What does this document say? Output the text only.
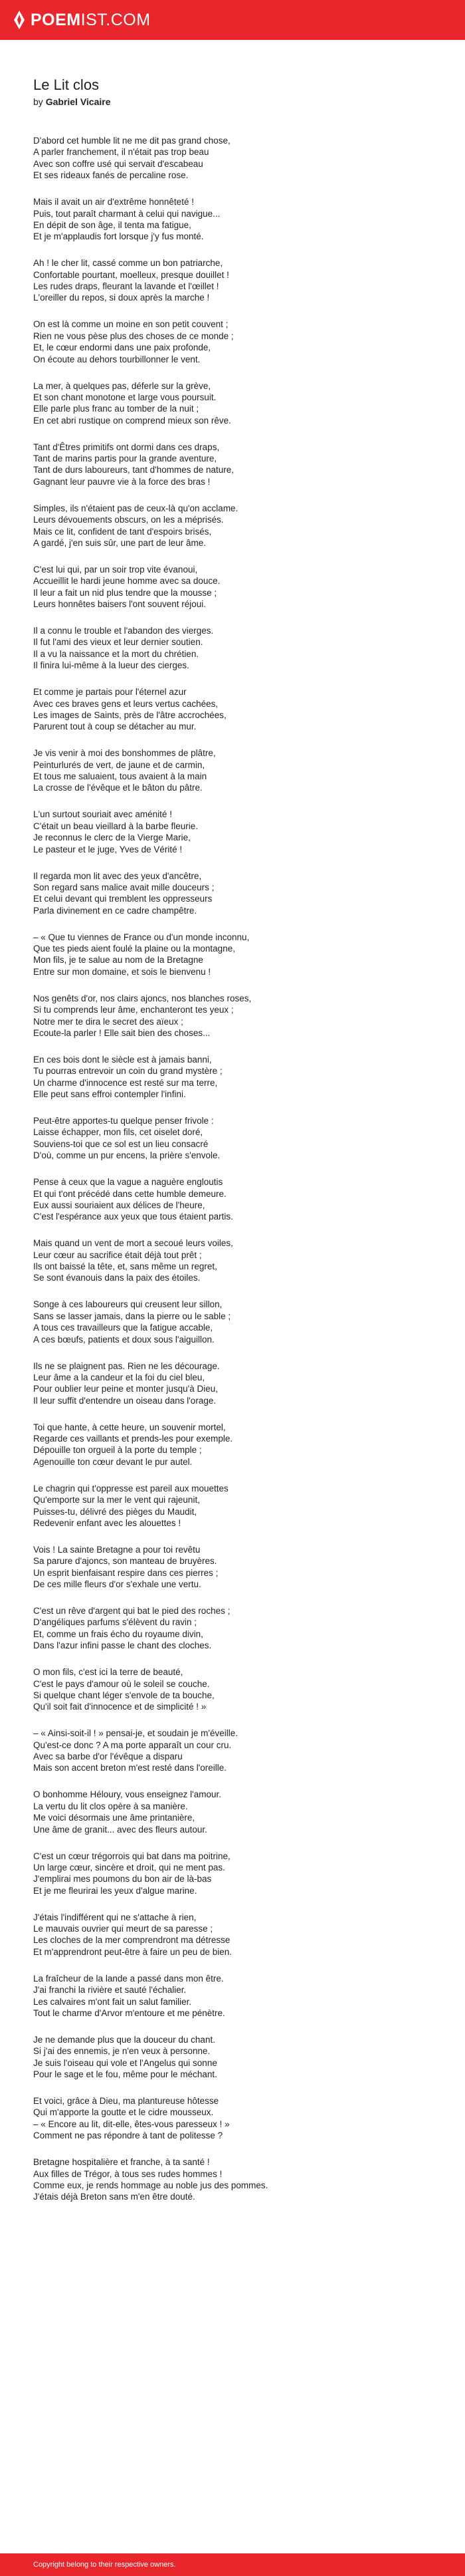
POEMIST.COM
Le Lit clos
by Gabriel Vicaire

D'abord cet humble lit ne me dit pas grand chose,
A parler franchement, il n'était pas trop beau
Avec son coffre usé qui servait d'escabeau
Et ses rideaux fanés de percaline rose.

Mais il avait un air d'extrême honnêteté !
Puis, tout paraît charmant à celui qui navigue...
En dépit de son âge, il tenta ma fatigue,
Et je m'applaudis fort lorsque j'y fus monté.

Ah ! le cher lit, cassé comme un bon patriarche,
Confortable pourtant, moelleux, presque douillet !
Les rudes draps, fleurant la lavande et l'œillet !
L'oreiller du repos, si doux après la marche !

On est là comme un moine en son petit couvent ;
Rien ne vous pèse plus des choses de ce monde ;
Et, le cœur endormi dans une paix profonde,
On écoute au dehors tourbillonner le vent.

La mer, à quelques pas, déferle sur la grève,
Et son chant monotone et large vous poursuit.
Elle parle plus franc au tomber de la nuit ;
En cet abri rustique on comprend mieux son rêve.

Tant d'Êtres primitifs ont dormi dans ces draps,
Tant de marins partis pour la grande aventure,
Tant de durs laboureurs, tant d'hommes de nature,
Gagnant leur pauvre vie à la force des bras !

Simples, ils n'étaient pas de ceux-là qu'on acclame.
Leurs dévouements obscurs, on les a méprisés.
Mais ce lit, confident de tant d'espoirs brisés,
A gardé, j'en suis sûr, une part de leur âme.

C'est lui qui, par un soir trop vite évanoui,
Accueillit le hardi jeune homme avec sa douce.
Il leur a fait un nid plus tendre que la mousse ;
Leurs honnêtes baisers l'ont souvent réjoui.

Il a connu le trouble et l'abandon des vierges.
Il fut l'ami des vieux et leur dernier soutien.
Il a vu la naissance et la mort du chrétien.
Il finira lui-même à la lueur des cierges.

Et comme je partais pour l'éternel azur
Avec ces braves gens et leurs vertus cachées,
Les images de Saints, près de l'âtre accrochées,
Parurent tout à coup se détacher au mur.

Je vis venir à moi des bonshommes de plâtre,
Peinturlurés de vert, de jaune et de carmin,
Et tous me saluaient, tous avaient à la main
La crosse de l'évêque et le bâton du pâtre.

L'un surtout souriait avec aménité !
C'était un beau vieillard à la barbe fleurie.
Je reconnus le clerc de la Vierge Marie,
Le pasteur et le juge, Yves de Vérité !

Il regarda mon lit avec des yeux d'ancêtre,
Son regard sans malice avait mille douceurs ;
Et celui devant qui tremblent les oppresseurs
Parla divinement en ce cadre champêtre.

– « Que tu viennes de France ou d'un monde inconnu,
Que tes pieds aient foulé la plaine ou la montagne,
Mon fils, je te salue au nom de la Bretagne
Entre sur mon domaine, et sois le bienvenu !

Nos genêts d'or, nos clairs ajoncs, nos blanches roses,
Si tu comprends leur âme, enchanteront tes yeux ;
Notre mer te dira le secret des aïeux ;
Ecoute-la parler ! Elle sait bien des choses...

En ces bois dont le siècle est à jamais banni,
Tu pourras entrevoir un coin du grand mystère ;
Un charme d'innocence est resté sur ma terre,
Elle peut sans effroi contempler l'infini.

Peut-être apportes-tu quelque penser frivole :
Laisse échapper, mon fils, cet oiselet doré,
Souviens-toi que ce sol est un lieu consacré
D'où, comme un pur encens, la prière s'envole.

Pense à ceux que la vague a naguère engloutis
Et qui t'ont précédé dans cette humble demeure.
Eux aussi souriaient aux délices de l'heure,
C'est l'espérance aux yeux que tous étaient partis.

Mais quand un vent de mort a secoué leurs voiles,
Leur cœur au sacrifice était déjà tout prêt ;
Ils ont baissé la tête, et, sans même un regret,
Se sont évanouis dans la paix des étoiles.

Songe à ces laboureurs qui creusent leur sillon,
Sans se lasser jamais, dans la pierre ou le sable ;
A tous ces travailleurs que la fatigue accable,
A ces bœufs, patients et doux sous l'aiguillon.

Ils ne se plaignent pas. Rien ne les décourage.
Leur âme a la candeur et la foi du ciel bleu,
Pour oublier leur peine et monter jusqu'à Dieu,
Il leur suffit d'entendre un oiseau dans l'orage.

Toi que hante, à cette heure, un souvenir mortel,
Regarde ces vaillants et prends-les pour exemple.
Dépouille ton orgueil à la porte du temple ;
Agenouille ton cœur devant le pur autel.

Le chagrin qui t'oppresse est pareil aux mouettes
Qu'emporte sur la mer le vent qui rajeunit,
Puisses-tu, délivré des pièges du Maudit,
Redevenir enfant avec les alouettes !

Vois ! La sainte Bretagne a pour toi revêtu
Sa parure d'ajoncs, son manteau de bruyères.
Un esprit bienfaisant respire dans ces pierres ;
De ces mille fleurs d'or s'exhale une vertu.

C'est un rêve d'argent qui bat le pied des roches ;
D'angéliques parfums s'élèvent du ravin ;
Et, comme un frais écho du royaume divin,
Dans l'azur infini passe le chant des cloches.

O mon fils, c'est ici la terre de beauté,
C'est le pays d'amour où le soleil se couche.
Si quelque chant léger s'envole de ta bouche,
Qu'il soit fait d'innocence et de simplicité ! »

– « Ainsi-soit-il ! » pensai-je, et soudain je m'éveille.
Qu'est-ce donc ? A ma porte apparaît un cour cru.
Avec sa barbe d'or l'évêque a disparu
Mais son accent breton m'est resté dans l'oreille.

O bonhomme Héloury, vous enseignez l'amour.
La vertu du lit clos opère à sa manière.
Me voici désormais une âme printanière,
Une âme de granit... avec des fleurs autour.

C'est un cœur trégorrois qui bat dans ma poitrine,
Un large cœur, sincère et droit, qui ne ment pas.
J'emplirai mes poumons du bon air de là-bas
Et je me fleurirai les yeux d'algue marine.

J'étais l'indifférent qui ne s'attache à rien,
Le mauvais ouvrier qui meurt de sa paresse ;
Les cloches de la mer comprendront ma détresse
Et m'apprendront peut-être à faire un peu de bien.

La fraîcheur de la lande a passé dans mon être.
J'ai franchi la rivière et sauté l'échalier.
Les calvaires m'ont fait un salut familier.
Tout le charme d'Arvor m'entoure et me pénètre.

Je ne demande plus que la douceur du chant.
Si j'ai des ennemis, je n'en veux à personne.
Je suis l'oiseau qui vole et l'Angelus qui sonne
Pour le sage et le fou, même pour le méchant.

Et voici, grâce à Dieu, ma plantureuse hôtesse
Qui m'apporte la goutte et le cidre mousseux.
– « Encore au lit, dit-elle, êtes-vous paresseux ! »
Comment ne pas répondre à tant de politesse ?

Bretagne hospitalière et franche, à ta santé !
Aux filles de Trégor, à tous ses rudes hommes !
Comme eux, je rends hommage au noble jus des pommes.
J'étais déjà Breton sans m'en être douté.

Copyright belong to their respective owners.
